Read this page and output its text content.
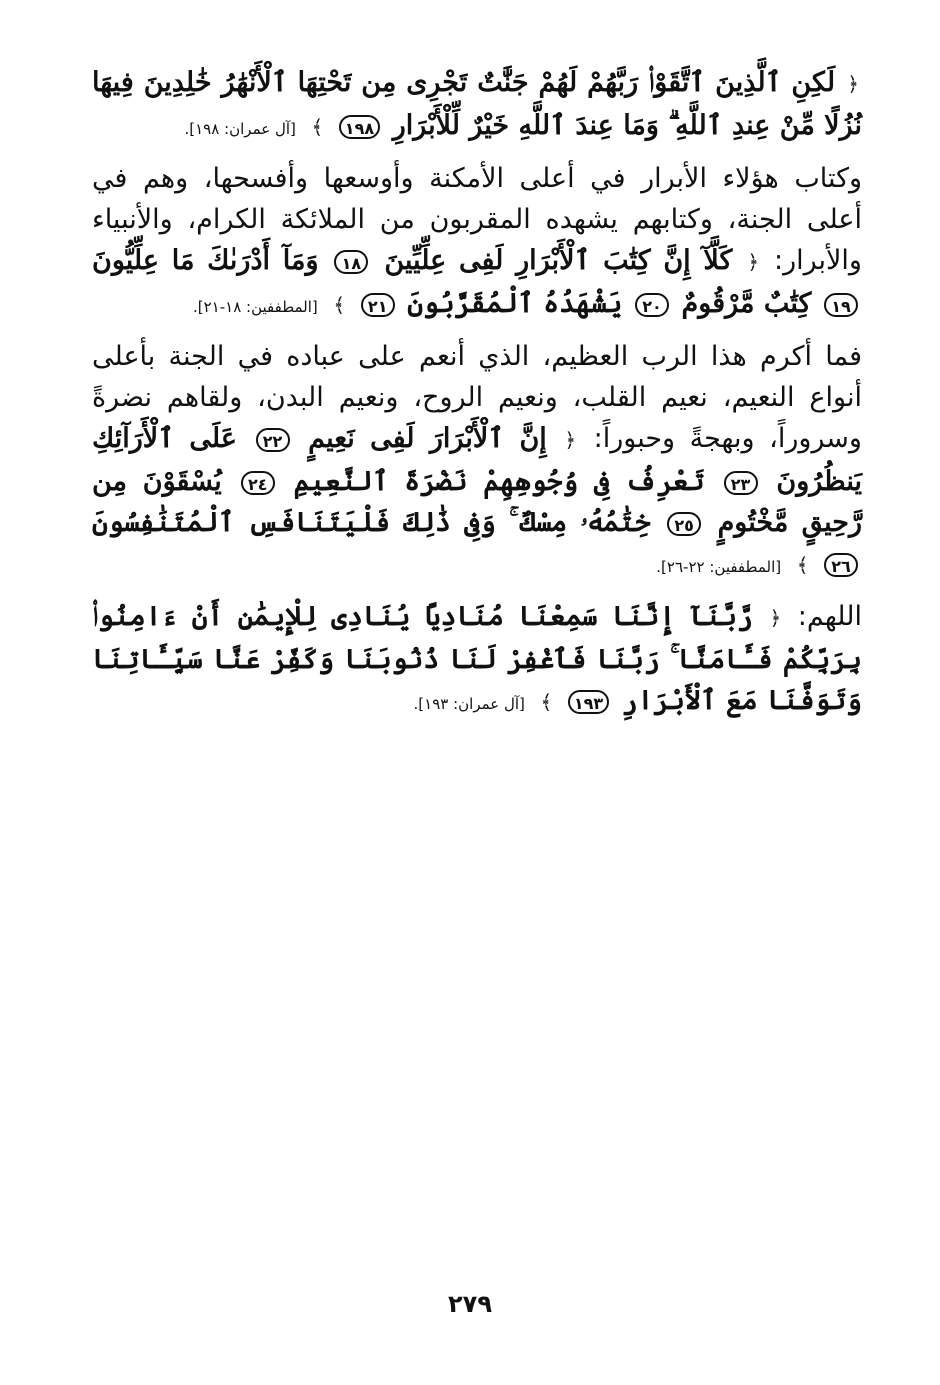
﴿ لَكِنِ ٱلَّذِينَ ٱتَّقَوْا۟ رَبَّهُمْ لَهُمْ جَنَّٰتٌ تَجْرِى مِن تَحْتِهَا ٱلْأَنْهَٰرُ خَٰلِدِينَ فِيهَا نُزُلًا مِّنْ عِندِ ٱللَّهِ ۗ وَمَا عِندَ ٱللَّهِ خَيْرٌ لِّلْأَبْرَارِ ١٩٨ ﴾ [آل عمران: ١٩٨].

وكتاب هؤلاء الأبرار في أعلى الأمكنة وأوسعها وأفسحها، وهم في أعلى الجنة، وكتابهم يشهده المقربون من الملائكة الكرام، والأنبياء والأبرار: ﴿ كَلَّآ إِنَّ كِتَٰبَ ٱلْأَبْرَارِ لَفِى عِلِّيِّينَ ١٨ وَمَآ أَدْرَىٰكَ مَا عِلِّيُّونَ ١٩ كِتَٰبٌ مَّرْقُومٌ ٢٠ يَشْهَدُهُ ٱلْمُقَرَّبُونَ ٢١ ﴾ [المطففين: ١٨-٢١].

فما أكرم هذا الرب العظيم، الذي أنعم على عباده في الجنة بأعلى أنواع النعيم، نعيم القلب، ونعيم الروح، ونعيم البدن، ولقاهم نضرةً وسروراً، وبهجةً وحبوراً: ﴿ إِنَّ ٱلْأَبْرَارَ لَفِى نَعِيمٍ ٢٢ عَلَى ٱلْأَرَآئِكِ يَنظُرُونَ ٢٣ تَعْرِفُ فِى وُجُوهِهِمْ نَضْرَةَ ٱلنَّعِيمِ ٢٤ يُسْقَوْنَ مِن رَّحِيقٍ مَّخْتُومٍ ٢٥ خِتَٰمُهُۥ مِسْكٌ ۚ وَفِى ذَٰلِكَ فَلْيَتَنَافَسِ ٱلْمُتَنَٰفِسُونَ ٢٦ ﴾ [المطففين: ٢٢-٢٦].

اللهم: ﴿ رَّبَّنَآ إِنَّنَا سَمِعْنَا مُنَادِيًا يُنَادِى لِلْإِيمَٰنِ أَنْ ءَامِنُوا۟ بِرَبِّكُمْ فَـَٔامَنَّا ۚ رَبَّنَا فَٱغْفِرْ لَنَا ذُنُوبَنَا وَكَفِّرْ عَنَّا سَيِّـَٔاتِنَا وَتَوَفَّنَا مَعَ ٱلْأَبْرَارِ ١٩٣ ﴾ [آل عمران: ١٩٣].

٢٧٩
